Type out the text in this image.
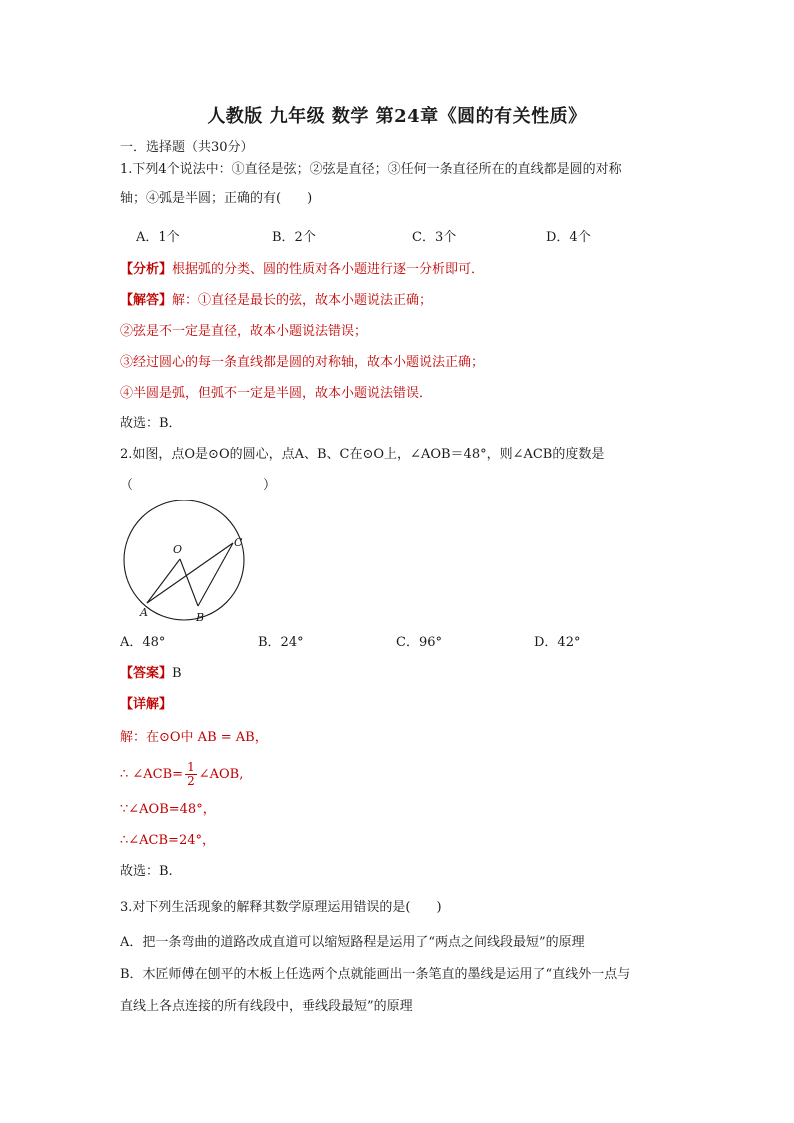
人教版 九年级 数学 第24章《圆的有关性质》
一．选择题（共30分）
1.下列4个说法中：①直径是弦；②弦是直径；③任何一条直径所在的直线都是圆的对称
轴；④弧是半圆；正确的有(　　)
A．1个	B．2个	C．3个	D．4个
【分析】根据弧的分类、圆的性质对各小题进行逐一分析即可．
【解答】解：①直径是最长的弦，故本小题说法正确；
②弦是不一定是直径，故本小题说法错误；
③经过圆心的每一条直线都是圆的对称轴，故本小题说法正确；
④半圆是弧，但弧不一定是半圆，故本小题说法错误．
故选：B．
2.如图，点O是⊙O的圆心，点A、B、C在⊙O上，∠AOB＝48°，则∠ACB的度数是
（　　　　　　　　　　）
O
A	B
C
A．48°	B．24°	C．96°	D．42°
【答案】B
【详解】
解：在⊙O中 AB = AB，
∴ ∠ACB= $\frac{1}{2}$ ∠AOB,
∵∠AOB=48°，
∴∠ACB=24°，
故选：B.
3.对下列生活现象的解释其数学原理运用错误的是(　　)
A．把一条弯曲的道路改成直道可以缩短路程是运用了“两点之间线段最短”的原理
B．木匠师傅在刨平的木板上任选两个点就能画出一条笔直的墨线是运用了“直线外一点与
直线上各点连接的所有线段中，垂线段最短”的原理
